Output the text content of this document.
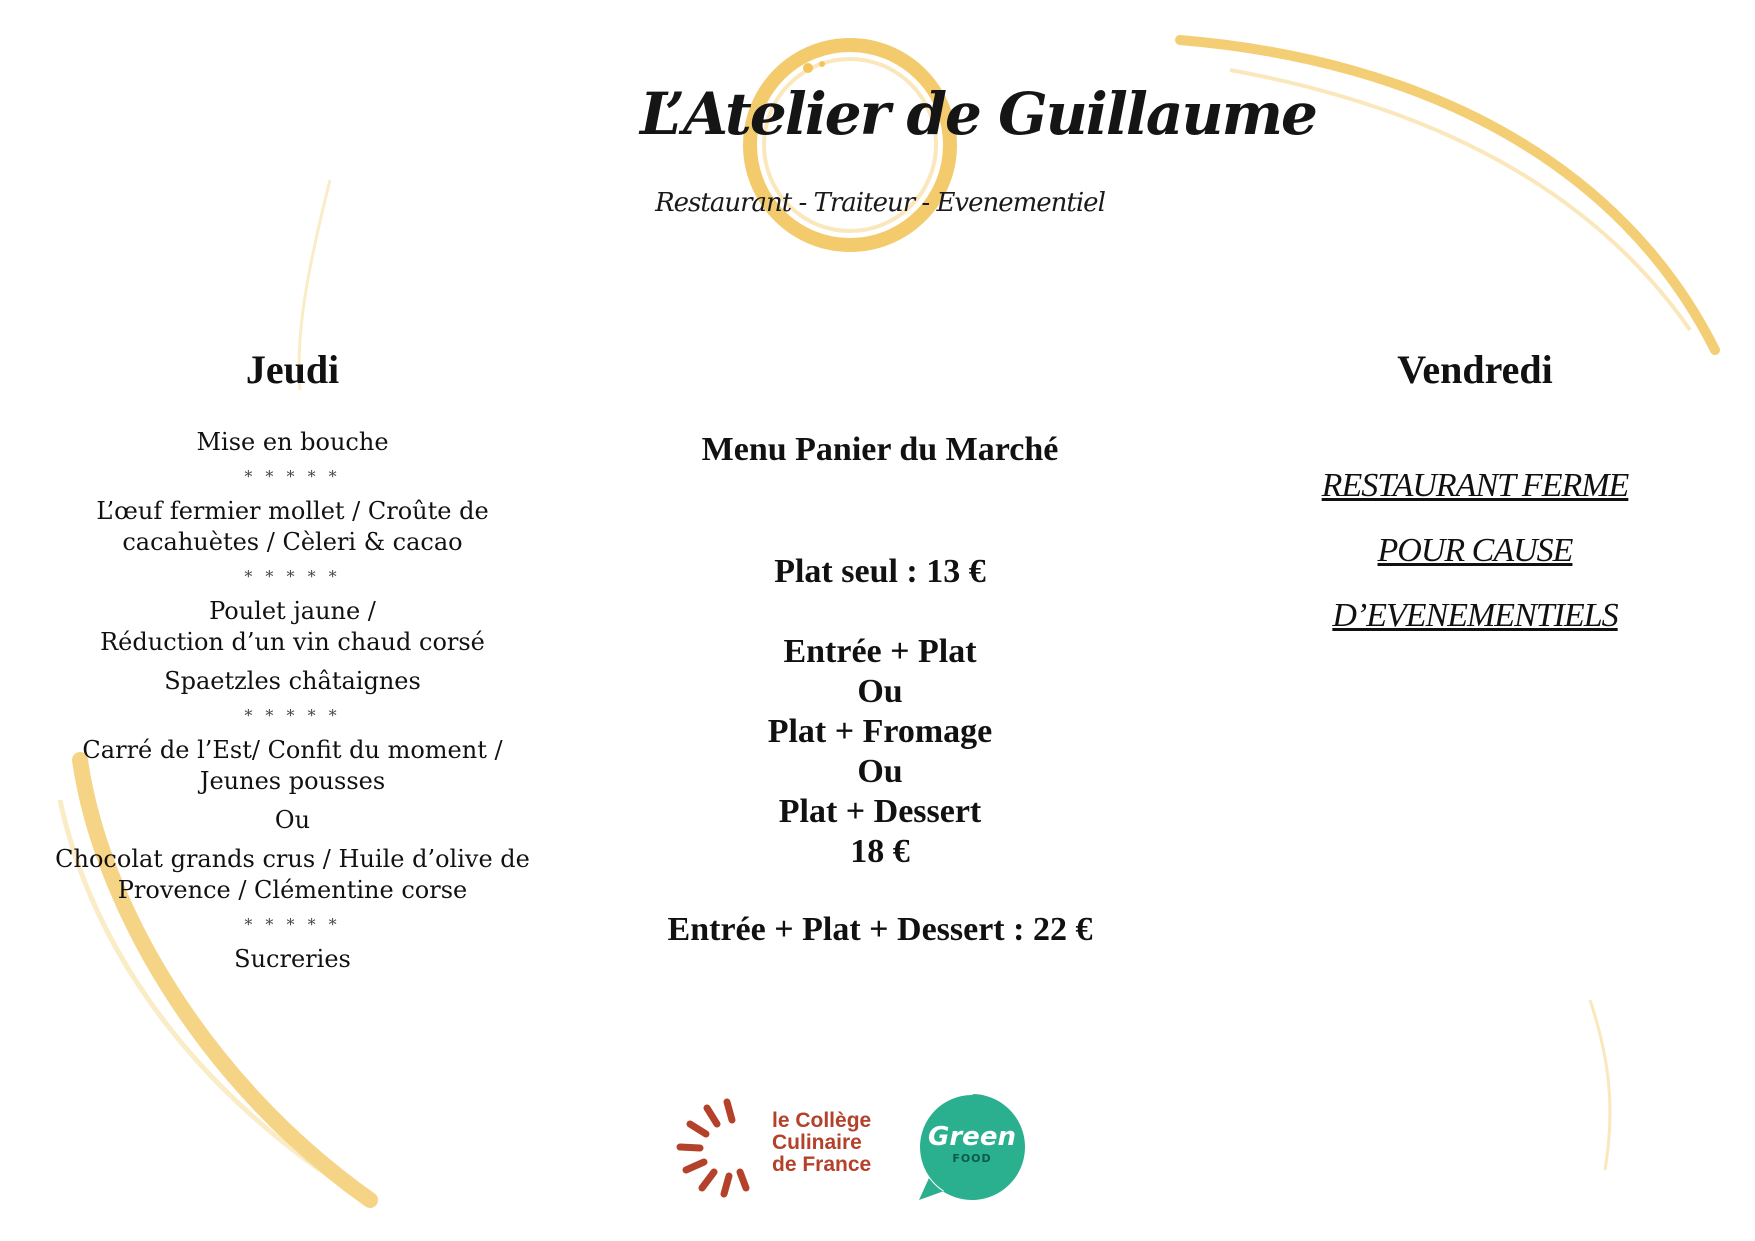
L’Atelier de Guillaume
Restaurant - Traiteur - Evenementiel
Jeudi

Mise en bouche

* * * * *

L’œuf fermier mollet / Croûte de

cacahuètes / Cèleri & cacao

* * * * *

Poulet jaune /

Réduction d’un vin chaud corsé

Spaetzles châtaignes

* * * * *

Carré de l’Est/ Confit du moment /

Jeunes pousses

Ou

Chocolat grands crus / Huile d’olive de

Provence / Clémentine corse

* * * * *

Sucreries

Menu Panier du Marché

Plat seul : 13 €

Entrée + Plat

Ou

Plat + Fromage

Ou

Plat + Dessert

18 €

Entrée + Plat + Dessert : 22 €

Vendredi

RESTAURANT FERME

POUR CAUSE

D’EVENEMENTIELS

le Collège
Culinaire
de France
Green
FOOD
